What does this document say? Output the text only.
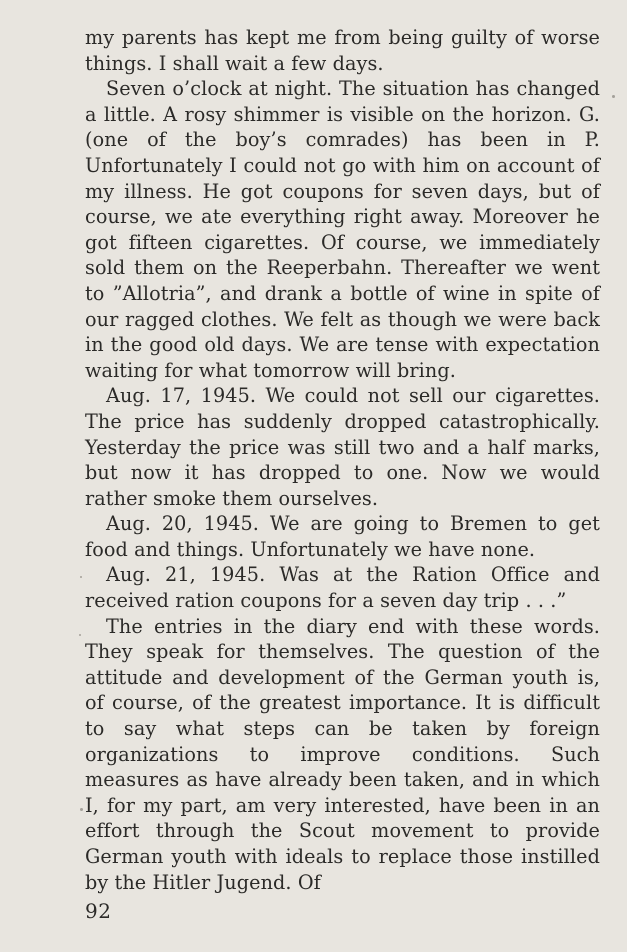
my parents has kept me from being guilty of worse things. I shall wait a few days.

Seven o’clock at night. The situation has changed a little. A rosy shimmer is visible on the horizon. G. (one of the boy’s comrades) has been in P. Unfortunately I could not go with him on account of my illness. He got coupons for seven days, but of course, we ate everything right away. Moreover he got fifteen cigarettes. Of course, we immediately sold them on the Reeperbahn. Thereafter we went to ”Allotria”, and drank a bottle of wine in spite of our ragged clothes. We felt as though we were back in the good old days. We are tense with expectation waiting for what tomorrow will bring.

Aug. 17, 1945. We could not sell our cigarettes. The price has suddenly dropped catastrophically. Yesterday the price was still two and a half marks, but now it has dropped to one. Now we would rather smoke them ourselves.

Aug. 20, 1945. We are going to Bremen to get food and things. Unfortunately we have none.

Aug. 21, 1945. Was at the Ration Office and received ration coupons for a seven day trip . . .”

The entries in the diary end with these words. They speak for themselves. The question of the attitude and development of the German youth is, of course, of the greatest importance. It is difficult to say what steps can be taken by foreign organizations to improve conditions. Such measures as have already been taken, and in which I, for my part, am very interested, have been in an effort through the Scout movement to provide German youth with ideals to replace those instilled by the Hitler Jugend. Of

92
